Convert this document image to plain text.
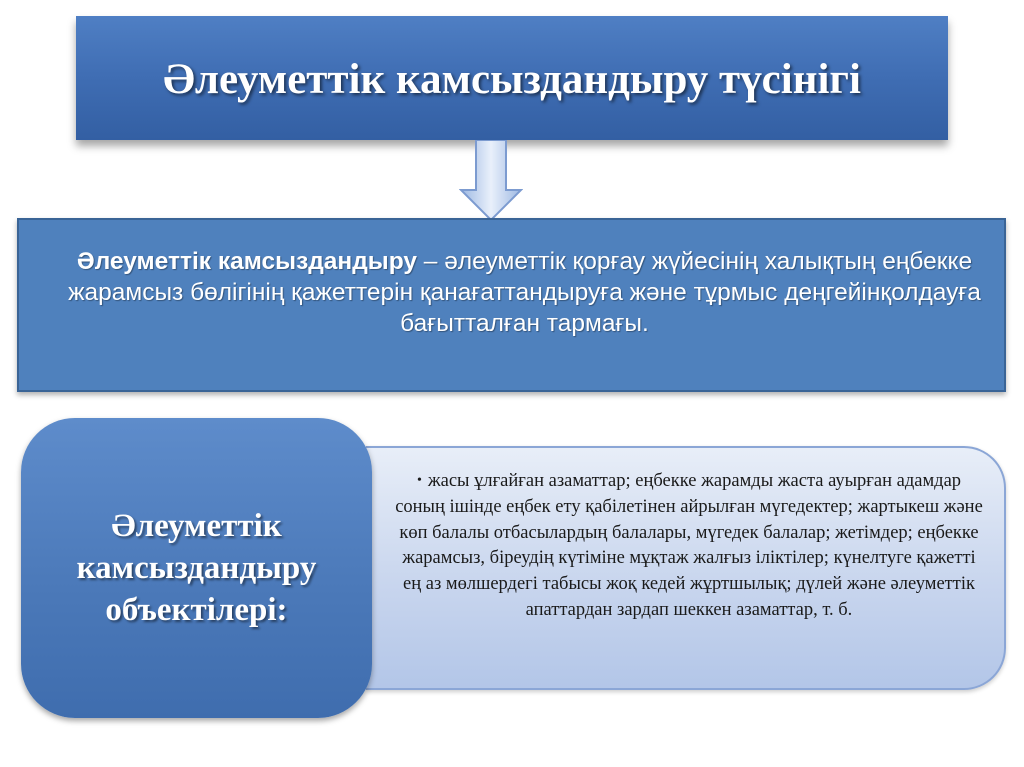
Әлеуметтік камсыздандыру түсінігі
Әлеуметтік камсыздандыру – әлеуметтік қорғау жүйесінің халықтың еңбекке жарамсыз бөлігінің қажеттерін қанағаттандыруға және тұрмыс деңгейінқолдауға бағытталған тармағы.
• жасы ұлғайған азаматтар; еңбекке жарамды жаста ауырған адамдар соның ішінде еңбек ету қабілетінен айрылған мүгедектер; жартыкеш және көп балалы отбасылардың балалары, мүгедек балалар; жетімдер; еңбекке жарамсыз, біреудің күтіміне мұқтаж жалғыз іліктілер; күнелтуге қажетті ең аз мөлшердегі табысы жоқ кедей жұртшылық; дүлей және әлеуметтік апаттардан зардап шеккен азаматтар, т. б.
Әлеуметтік камсыздандыру объектілері:
